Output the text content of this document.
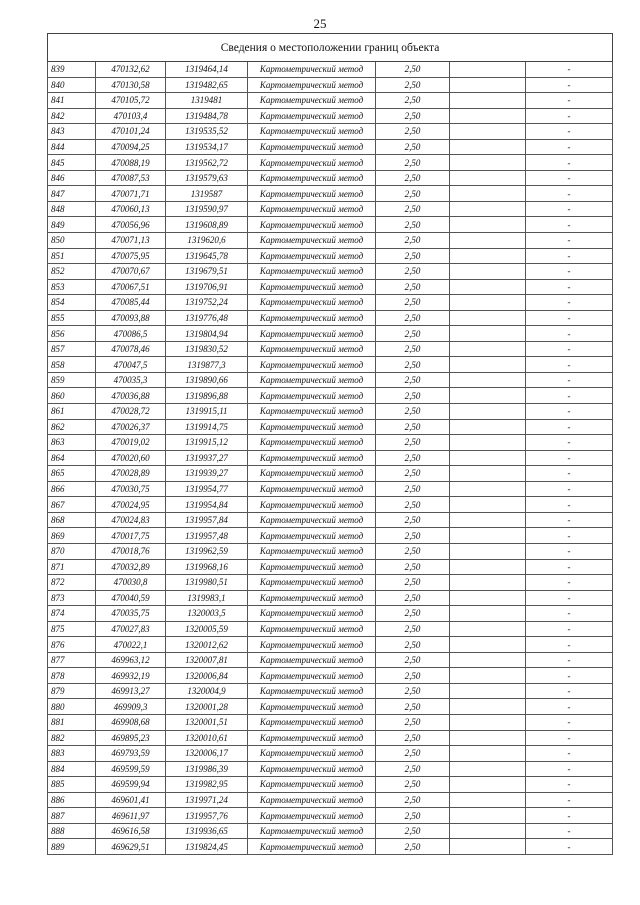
25
Сведения о местоположении границ объекта						
839	470132,62	1319464,14	Картометрический метод	2,50		-
840	470130,58	1319482,65	Картометрический метод	2,50		-
841	470105,72	1319481	Картометрический метод	2,50		-
842	470103,4	1319484,78	Картометрический метод	2,50		-
843	470101,24	1319535,52	Картометрический метод	2,50		-
844	470094,25	1319534,17	Картометрический метод	2,50		-
845	470088,19	1319562,72	Картометрический метод	2,50		-
846	470087,53	1319579,63	Картометрический метод	2,50		-
847	470071,71	1319587	Картометрический метод	2,50		-
848	470060,13	1319590,97	Картометрический метод	2,50		-
849	470056,96	1319608,89	Картометрический метод	2,50		-
850	470071,13	1319620,6	Картометрический метод	2,50		-
851	470075,95	1319645,78	Картометрический метод	2,50		-
852	470070,67	1319679,51	Картометрический метод	2,50		-
853	470067,51	1319706,91	Картометрический метод	2,50		-
854	470085,44	1319752,24	Картометрический метод	2,50		-
855	470093,88	1319776,48	Картометрический метод	2,50		-
856	470086,5	1319804,94	Картометрический метод	2,50		-
857	470078,46	1319830,52	Картометрический метод	2,50		-
858	470047,5	1319877,3	Картометрический метод	2,50		-
859	470035,3	1319890,66	Картометрический метод	2,50		-
860	470036,88	1319896,88	Картометрический метод	2,50		-
861	470028,72	1319915,11	Картометрический метод	2,50		-
862	470026,37	1319914,75	Картометрический метод	2,50		-
863	470019,02	1319915,12	Картометрический метод	2,50		-
864	470020,60	1319937,27	Картометрический метод	2,50		-
865	470028,89	1319939,27	Картометрический метод	2,50		-
866	470030,75	1319954,77	Картометрический метод	2,50		-
867	470024,95	1319954,84	Картометрический метод	2,50		-
868	470024,83	1319957,84	Картометрический метод	2,50		-
869	470017,75	1319957,48	Картометрический метод	2,50		-
870	470018,76	1319962,59	Картометрический метод	2,50		-
871	470032,89	1319968,16	Картометрический метод	2,50		-
872	470030,8	1319980,51	Картометрический метод	2,50		-
873	470040,59	1319983,1	Картометрический метод	2,50		-
874	470035,75	1320003,5	Картометрический метод	2,50		-
875	470027,83	1320005,59	Картометрический метод	2,50		-
876	470022,1	1320012,62	Картометрический метод	2,50		-
877	469963,12	1320007,81	Картометрический метод	2,50		-
878	469932,19	1320006,84	Картометрический метод	2,50		-
879	469913,27	1320004,9	Картометрический метод	2,50		-
880	469909,3	1320001,28	Картометрический метод	2,50		-
881	469908,68	1320001,51	Картометрический метод	2,50		-
882	469895,23	1320010,61	Картометрический метод	2,50		-
883	469793,59	1320006,17	Картометрический метод	2,50		-
884	469599,59	1319986,39	Картометрический метод	2,50		-
885	469599,94	1319982,95	Картометрический метод	2,50		-
886	469601,41	1319971,24	Картометрический метод	2,50		-
887	469611,97	1319957,76	Картометрический метод	2,50		-
888	469616,58	1319936,65	Картометрический метод	2,50		-
889	469629,51	1319824,45	Картометрический метод	2,50		-
